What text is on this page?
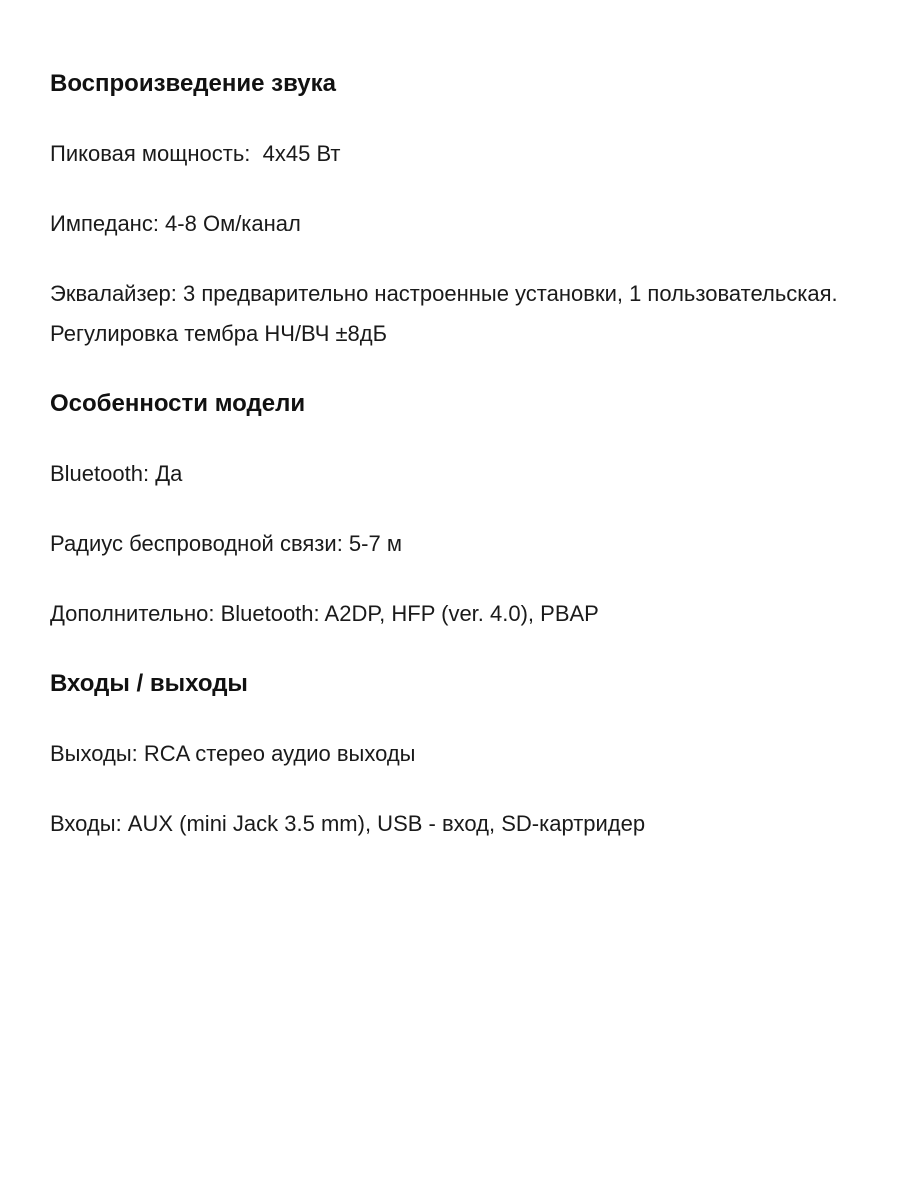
Воспроизведение звука

Пиковая мощность:  4x45 Вт

Импеданс: 4-8 Ом/канал

Эквалайзер: 3 предварительно настроенные установки, 1 пользовательская. Регулировка тембра НЧ/ВЧ ±8дБ

Особенности модели

Bluetooth: Да

Радиус беспроводной связи: 5-7 м

Дополнительно: Bluetooth: A2DP, HFP (ver. 4.0), PBAP

Входы / выходы

Выходы: RCA стерео аудио выходы

Входы: AUX (mini Jack 3.5 mm), USB - вход, SD-картридер
